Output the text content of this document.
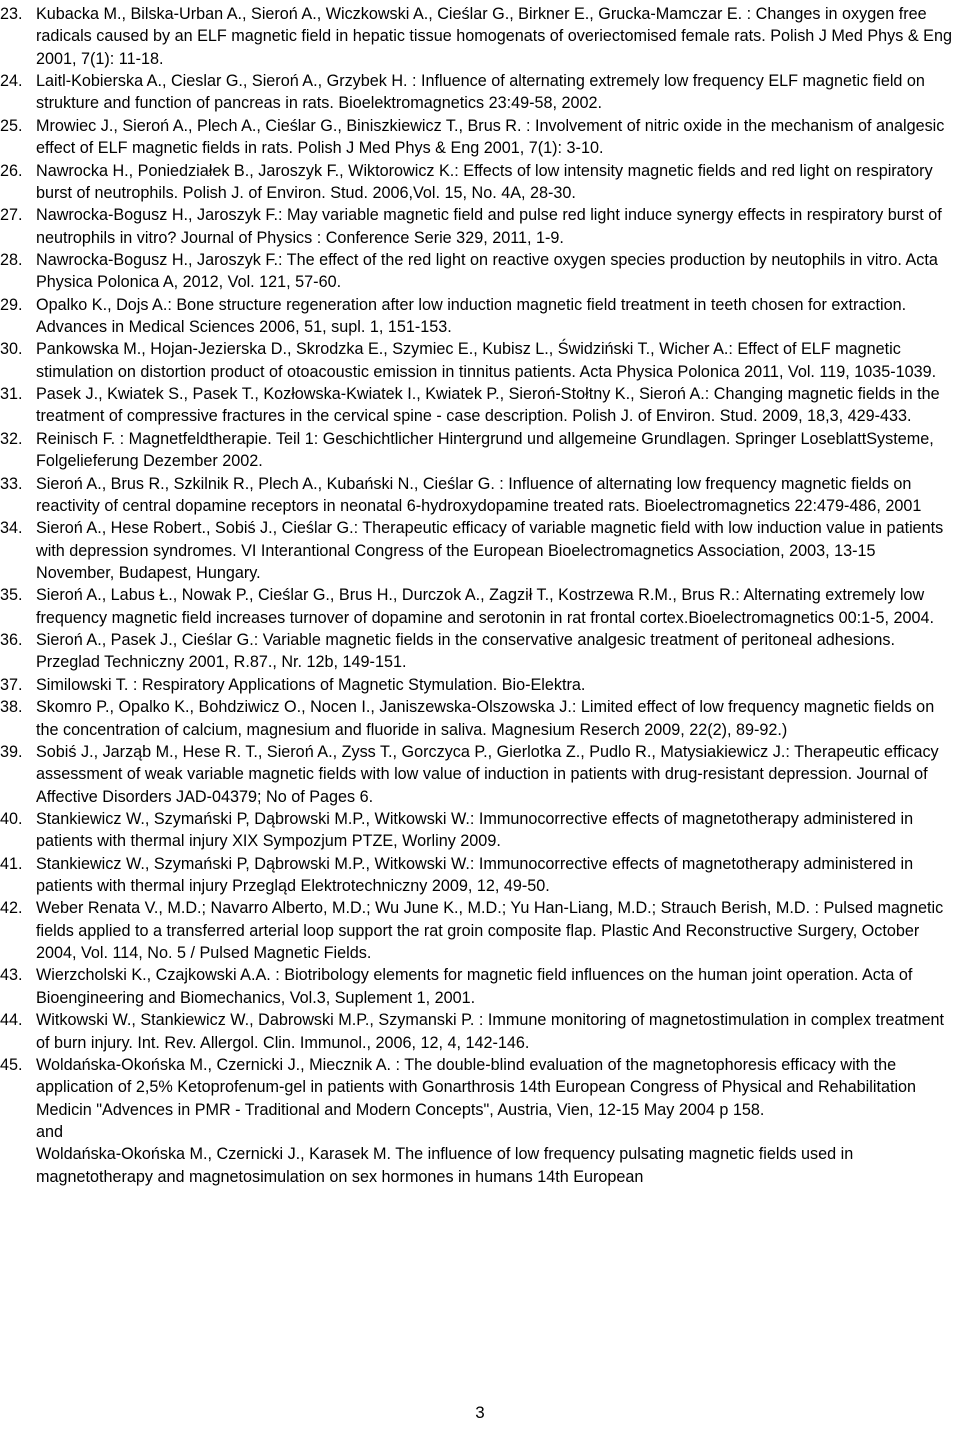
23. Kubacka M., Bilska-Urban A., Sieroń A., Wiczkowski A., Cieślar G., Birkner E., Grucka-Mamczar E. : Changes in oxygen free radicals caused by an ELF magnetic field in hepatic tissue homogenats of overiectomised female rats. Polish J Med Phys & Eng 2001, 7(1): 11-18.
24. Laitl-Kobierska A., Cieslar G., Sieroń A., Grzybek H. : Influence of alternating extremely low frequency ELF magnetic field on strukture and function of pancreas in rats. Bioelektromagnetics 23:49-58, 2002.
25. Mrowiec J., Sieroń A., Plech A., Cieślar G., Biniszkiewicz T., Brus R. : Involvement of nitric oxide in the mechanism of analgesic effect of ELF magnetic fields in rats. Polish J Med Phys & Eng 2001, 7(1): 3-10.
26. Nawrocka H., Poniedziałek B., Jaroszyk F., Wiktorowicz K.: Effects of low intensity magnetic fields and red light on respiratory burst of neutrophils. Polish J. of Environ. Stud. 2006,Vol. 15, No. 4A, 28-30.
27. Nawrocka-Bogusz H., Jaroszyk F.: May variable magnetic field and pulse red light induce synergy effects in respiratory burst of neutrophils in vitro? Journal of Physics : Conference Serie 329, 2011, 1-9.
28. Nawrocka-Bogusz H., Jaroszyk F.: The effect of the red light on reactive oxygen species production by neutophils in vitro. Acta Physica Polonica A, 2012, Vol. 121, 57-60.
29. Opalko K., Dojs A.: Bone structure regeneration after low induction magnetic field treatment in teeth chosen for extraction. Advances in Medical Sciences 2006, 51, supl. 1, 151-153.
30. Pankowska M., Hojan-Jezierska D., Skrodzka E., Szymiec E., Kubisz L., Świdziński T., Wicher A.: Effect of ELF magnetic stimulation on distortion product of otoacoustic emission in tinnitus patients. Acta Physica Polonica 2011, Vol. 119, 1035-1039.
31. Pasek J., Kwiatek S., Pasek T., Kozłowska-Kwiatek I., Kwiatek P., Sieroń-Stołtny K., Sieroń A.: Changing magnetic fields in the treatment of compressive fractures in the cervical spine - case description. Polish J. of Environ. Stud. 2009, 18,3, 429-433.
32. Reinisch F. : Magnetfeldtherapie. Teil 1: Geschichtlicher Hintergrund und allgemeine Grundlagen. Springer LoseblattSysteme, Folgelieferung Dezember 2002.
33. Sieroń A., Brus R., Szkilnik R., Plech A., Kubański N., Cieślar G. : Influence of alternating low frequency magnetic fields on reactivity of central dopamine receptors in neonatal 6-hydroxydopamine treated rats. Bioelectromagnetics 22:479-486, 2001
34. Sieroń A., Hese Robert., Sobiś J., Cieślar G.: Therapeutic efficacy of variable magnetic field with low induction value in patients with depression syndromes. VI Interantional Congress of the European Bioelectromagnetics Association, 2003, 13-15 November, Budapest, Hungary.
35. Sieroń A., Labus Ł., Nowak P., Cieślar G., Brus H., Durczok A., Zagził T., Kostrzewa R.M., Brus R.: Alternating extremely low frequency magnetic field increases turnover of dopamine and serotonin in rat frontal cortex.Bioelectromagnetics 00:1-5, 2004.
36. Sieroń A., Pasek J., Cieślar G.: Variable magnetic fields in the conservative analgesic treatment of peritoneal adhesions. Przeglad Techniczny 2001, R.87., Nr. 12b, 149-151.
37. Similowski T. : Respiratory Applications of Magnetic Stymulation. Bio-Elektra.
38. Skomro P., Opalko K., Bohdziwicz O., Nocen I., Janiszewska-Olszowska J.: Limited effect of low frequency magnetic fields on the concentration of calcium, magnesium and fluoride in saliva. Magnesium Reserch 2009, 22(2), 89-92.)
39. Sobiś J., Jarząb M., Hese R. T., Sieroń A., Zyss T., Gorczyca P., Gierlotka Z., Pudlo R., Matysiakiewicz J.: Therapeutic efficacy assessment of weak variable magnetic fields with low value of induction in patients with drug-resistant depression. Journal of Affective Disorders JAD-04379; No of Pages 6.
40. Stankiewicz W., Szymański P, Dąbrowski M.P., Witkowski W.: Immunocorrective effects of magnetotherapy administered in patients with thermal injury XIX Sympozjum PTZE, Worliny 2009.
41. Stankiewicz W., Szymański P, Dąbrowski M.P., Witkowski W.: Immunocorrective effects of magnetotherapy administered in patients with thermal injury Przegląd Elektrotechniczny 2009, 12, 49-50.
42. Weber Renata V., M.D.; Navarro Alberto, M.D.; Wu June K., M.D.; Yu Han-Liang, M.D.; Strauch Berish, M.D. : Pulsed magnetic fields applied to a transferred arterial loop support the rat groin composite flap. Plastic And Reconstructive Surgery, October 2004, Vol. 114, No. 5 / Pulsed Magnetic Fields.
43. Wierzcholski K., Czajkowski A.A. : Biotribology elements for magnetic field influences on the human joint operation. Acta of Bioengineering and Biomechanics, Vol.3, Suplement 1, 2001.
44. Witkowski W., Stankiewicz W., Dabrowski M.P., Szymanski P. : Immune monitoring of magnetostimulation in complex treatment of burn injury. Int. Rev. Allergol. Clin. Immunol., 2006, 12, 4, 142-146.
45. Woldańska-Okońska M., Czernicki J., Miecznik A. : The double-blind evaluation of the magnetophoresis efficacy with the application of 2,5% Ketoprofenum-gel in patients with Gonarthrosis 14th European Congress of Physical and Rehabilitation Medicin "Advences in PMR - Traditional and Modern Concepts", Austria, Vien, 12-15 May 2004 p 158.
and
Woldańska-Okońska M., Czernicki J., Karasek M. The influence of low frequency pulsating magnetic fields used in magnetotherapy and magnetosimulation on sex hormones in humans 14th European
3
